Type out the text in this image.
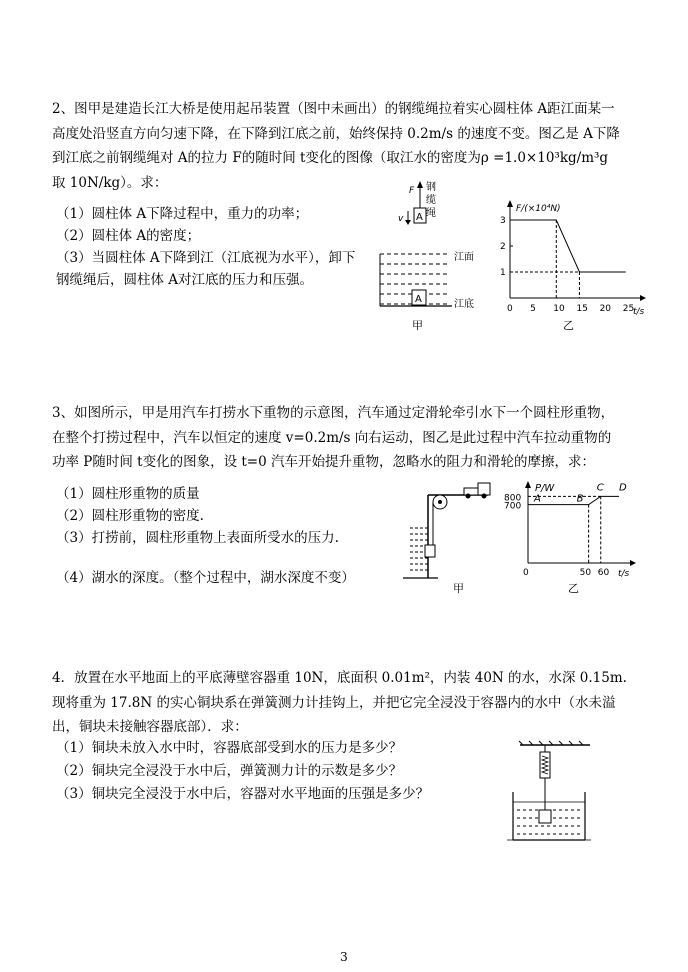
2、图甲是建造长江大桥是使用起吊装置（图中未画出）的钢缆绳拉着实心圆柱体 A距江面某一
高度处沿竖直方向匀速下降，在下降到江底之前，始终保持 0.2m/s 的速度不变。图乙是 A下降
到江底之前钢缆绳对 A的拉力 F的随时间 t变化的图像（取江水的密度为ρ =1.0×10³kg/m³g
取 10N/kg）。求：
（1）圆柱体 A下降过程中，重力的功率；
（2）圆柱体 A的密度；
（3）当圆柱体 A下降到江（江底视为水平），卸下
钢缆绳后，圆柱体 A对江底的压力和压强。
F 钢
缆
绳
A
v
A
江面
江底
甲
F/(×10⁴N)
t/s
0 5 10 15 20 25
3
2
1
乙
3、如图所示，甲是用汽车打捞水下重物的示意图，汽车通过定滑轮牵引水下一个圆柱形重物，
在整个打捞过程中，汽车以恒定的速度 v=0.2m/s 向右运动，图乙是此过程中汽车拉动重物的
功率 P随时间 t变化的图象，设 t=0 汽车开始提升重物，忽略水的阻力和滑轮的摩擦，求：
（1）圆柱形重物的质量
（2）圆柱形重物的密度.
（3）打捞前，圆柱形重物上表面所受水的压力.
（4）湖水的深度。（整个过程中，湖水深度不变）
甲
P/W
t/s
0	50 60
800
700
A	B
C D
乙
4．放置在水平地面上的平底薄壁容器重 10N，底面积 0.01m²，内装 40N 的水，水深 0.15m.
现将重为 17.8N 的实心铜块系在弹簧测力计挂钩上，并把它完全浸没于容器内的水中（水未溢
出，铜块未接触容器底部）．求：
（1）铜块未放入水中时，容器底部受到水的压力是多少？
（2）铜块完全浸没于水中后，弹簧测力计的示数是多少？
（3）铜块完全浸没于水中后，容器对水平地面的压强是多少？
3
